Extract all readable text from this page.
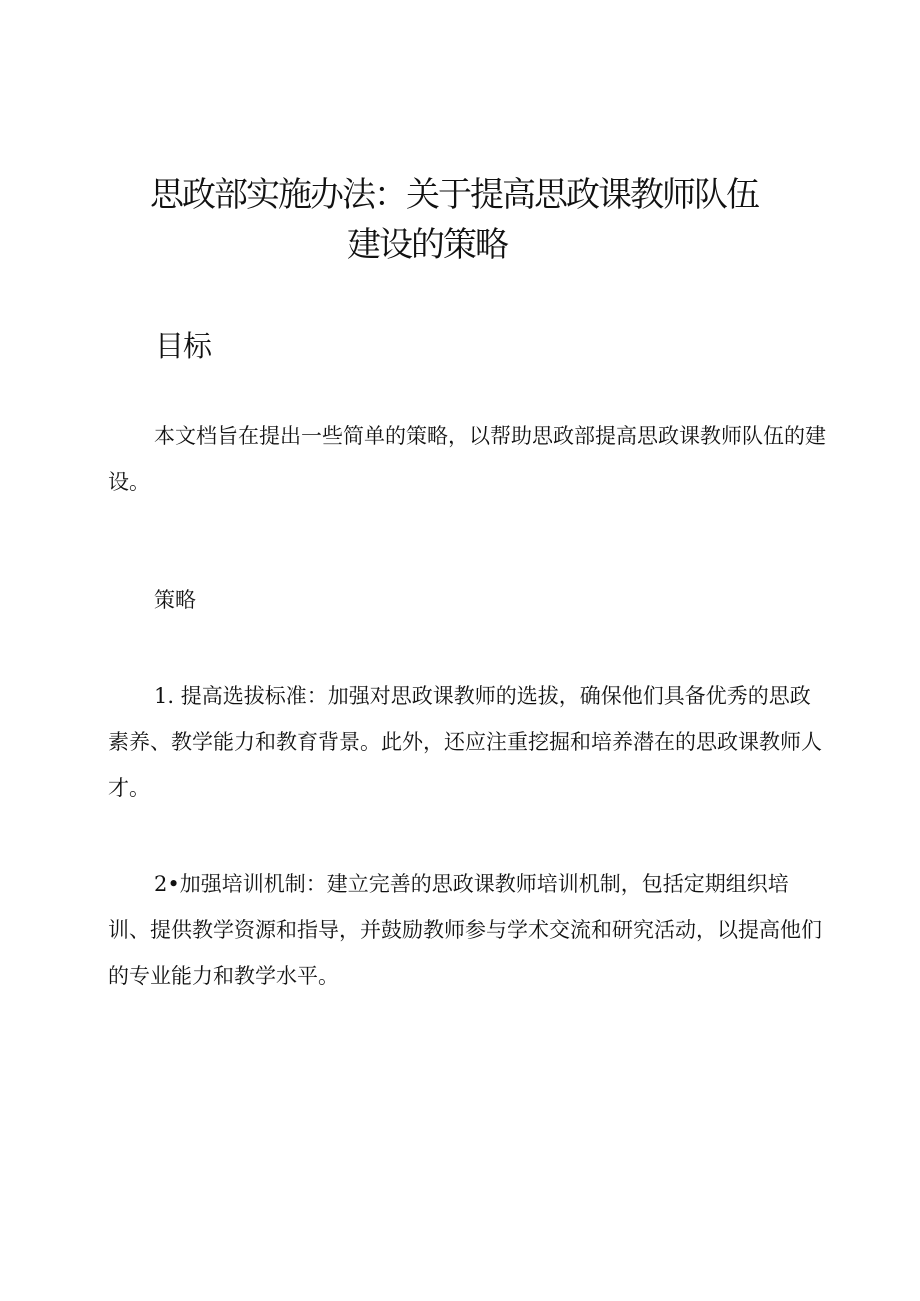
思政部实施办法：关于提高思政课教师队伍
建设的策略
目标

本文档旨在提出一些简单的策略，以帮助思政部提高思政课教师队伍的建设。

策略

1. 提高选拔标准：加强对思政课教师的选拔，确保他们具备优秀的思政素养、教学能力和教育背景。此外，还应注重挖掘和培养潜在的思政课教师人才。

2•加强培训机制：建立完善的思政课教师培训机制，包括定期组织培训、提供教学资源和指导，并鼓励教师参与学术交流和研究活动，以提高他们的专业能力和教学水平。
